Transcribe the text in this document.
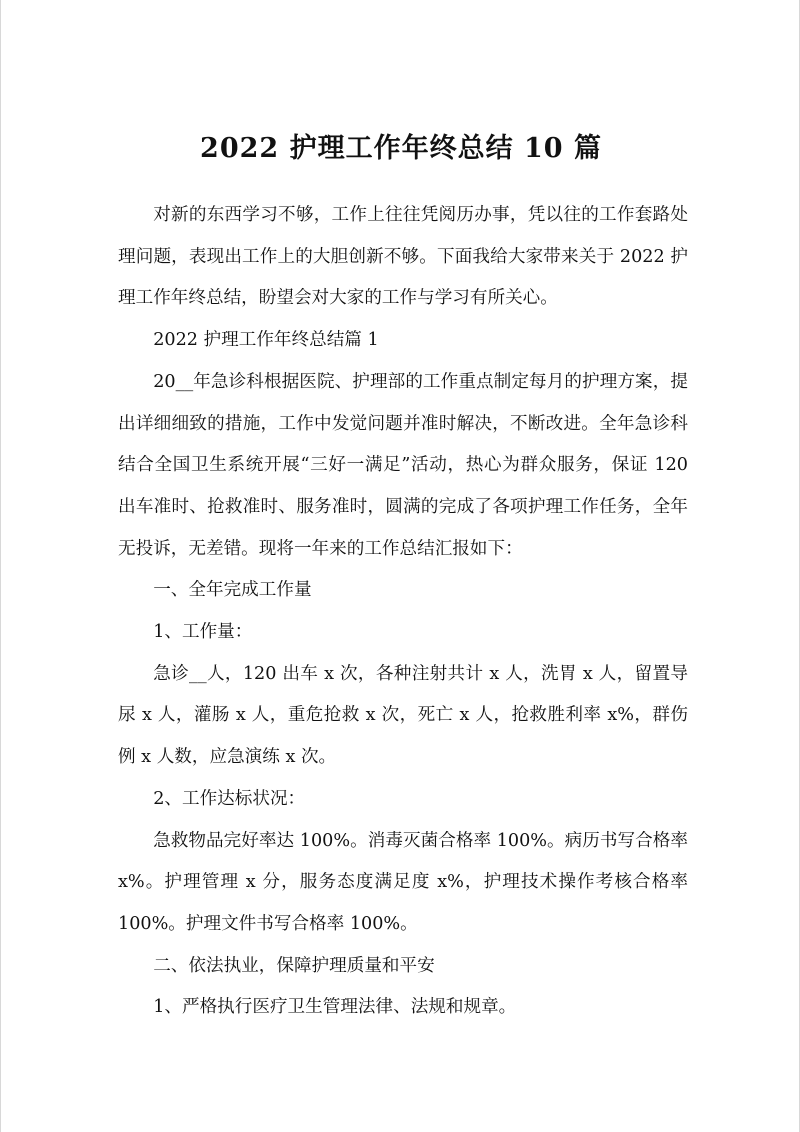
2022 护理工作年终总结 10 篇

对新的东西学习不够，工作上往往凭阅历办事，凭以往的工作套路处理问题，表现出工作上的大胆创新不够。下面我给大家带来关于 2022 护理工作年终总结，盼望会对大家的工作与学习有所关心。

2022 护理工作年终总结篇 1

20__年急诊科根据医院、护理部的工作重点制定每月的护理方案，提出详细细致的措施，工作中发觉问题并准时解决，不断改进。全年急诊科结合全国卫生系统开展“三好一满足”活动，热心为群众服务，保证 120 出车准时、抢救准时、服务准时，圆满的完成了各项护理工作任务，全年无投诉，无差错。现将一年来的工作总结汇报如下：

一、全年完成工作量

1、工作量：

急诊__人，120 出车 x 次，各种注射共计 x 人，洗胃 x 人，留置导尿 x 人，灌肠 x 人，重危抢救 x 次，死亡 x 人，抢救胜利率 x%，群伤例 x 人数，应急演练 x 次。

2、工作达标状况：

急救物品完好率达 100%。消毒灭菌合格率 100%。病历书写合格率 x%。护理管理 x 分，服务态度满足度 x%，护理技术操作考核合格率 100%。护理文件书写合格率 100%。

二、依法执业，保障护理质量和平安

1、严格执行医疗卫生管理法律、法规和规章。
